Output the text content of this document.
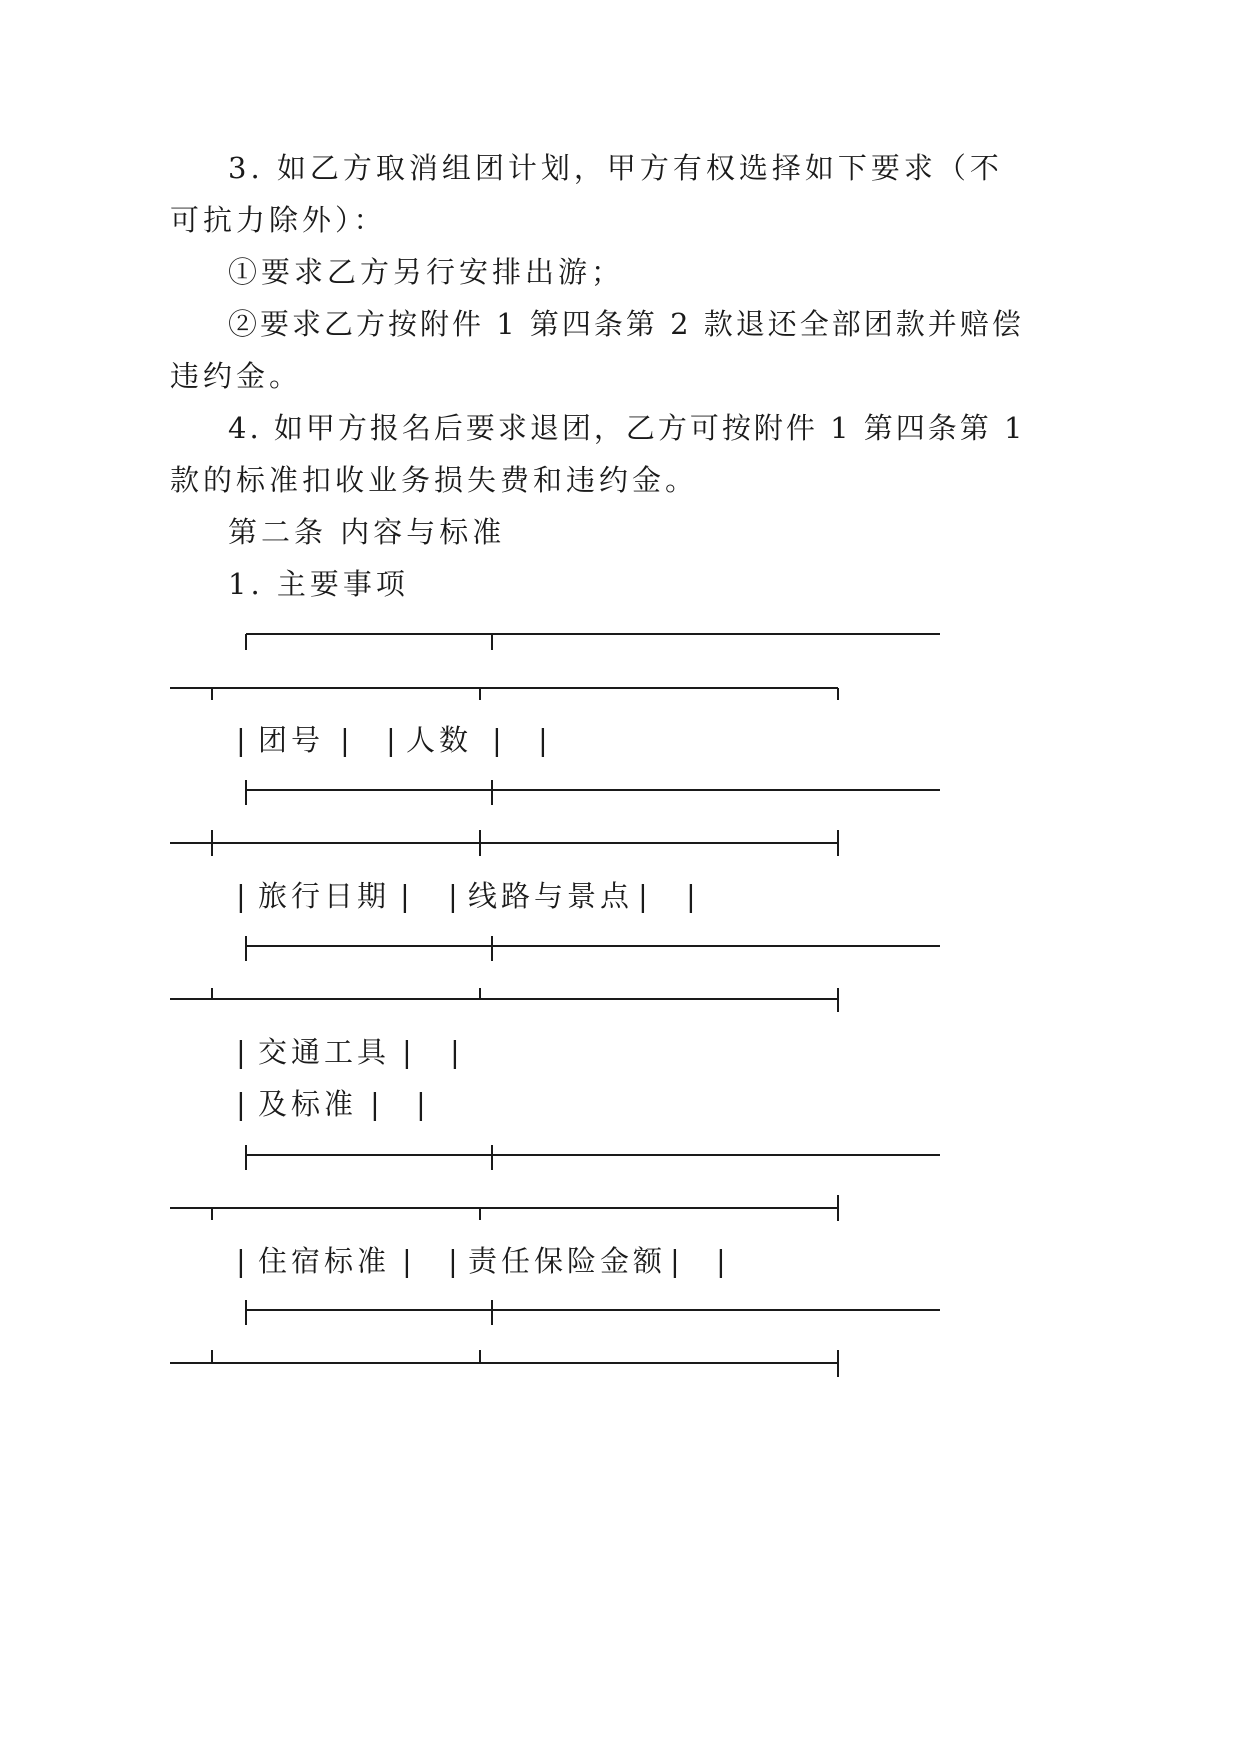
3. 如乙方取消组团计划，甲方有权选择如下要求（不
可抗力除外）：
①要求乙方另行安排出游；
②要求乙方按附件 1 第四条第 2 款退还全部团款并赔偿
违约金。
4. 如甲方报名后要求退团，乙方可按附件 1 第四条第 1
款的标准扣收业务损失费和违约金。
第二条 内容与标准
1. 主要事项
| 团号 | | 人数 | |
| 旅行日期 | | 线路与景点 | |
| 交通工具 | |
| 及标准 | |
| 住宿标准 | | 责任保险金额 | |
